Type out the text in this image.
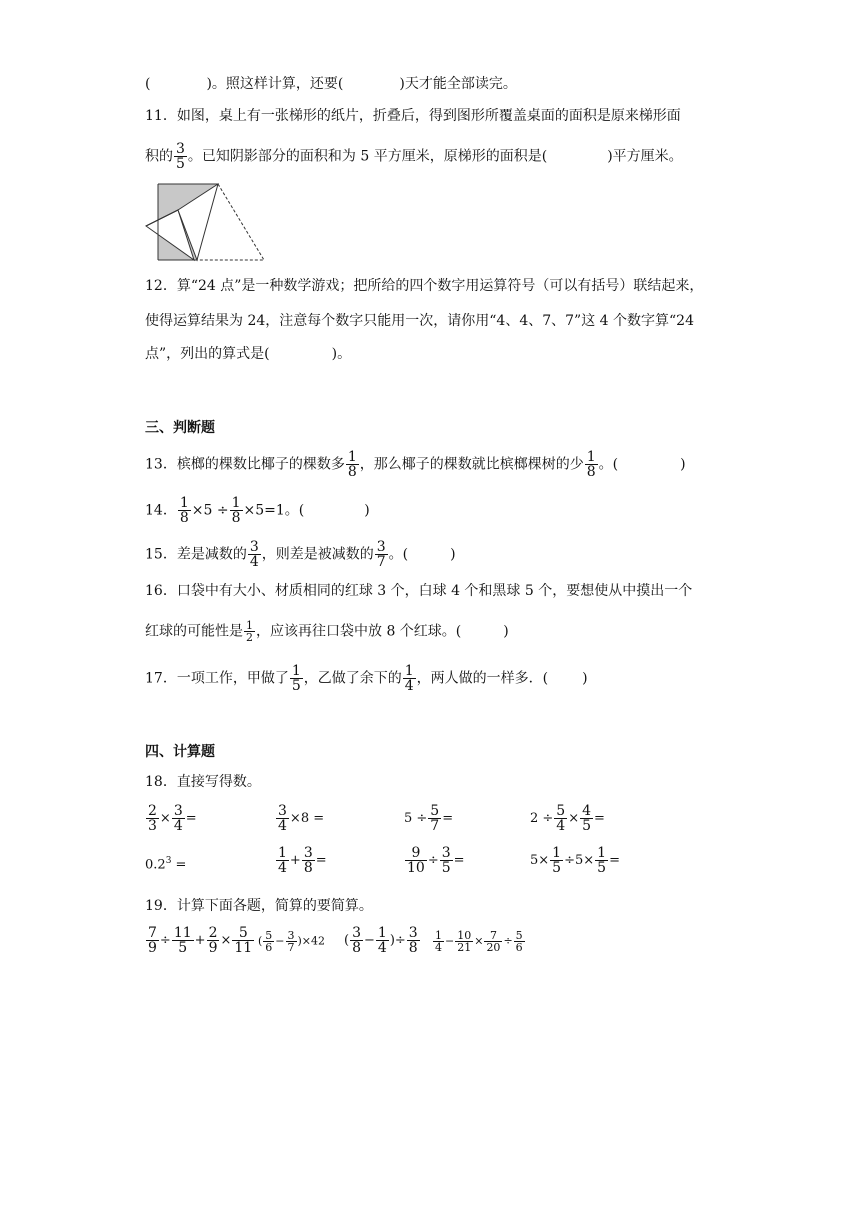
(	)。照这样计算，还要(	)天才能全部读完。
11．如图，桌上有一张梯形的纸片，折叠后，得到图形所覆盖桌面的面积是原来梯形面
积的 $\frac{3}{5}$ 。已知阴影部分的面积和为 5 平方厘米，原梯形的面积是(	)平方厘米。
12．算“24 点”是一种数学游戏；把所给的四个数字用运算符号（可以有括号）联结起来，
使得运算结果为 24，注意每个数字只能用一次，请你用“4、4、7、7”这 4 个数字算“24
点”，列出的算式是(	)。
三、判断题
13．槟榔的棵数比椰子的棵数多 $\frac{1}{8}$ ，那么椰子的棵数就比槟榔棵树的少 $\frac{1}{8}$ 。(	)
14． $\frac{1}{8} \times 5 \div \frac{1}{8} \times 5=1$。(	)
15．差是减数的 $\frac{3}{4}$ ，则差是被减数的 $\frac{3}{7}$ 。(	)
16．口袋中有大小、材质相同的红球 3 个，白球 4 个和黑球 5 个，要想使从中摸出一个
红球的可能性是 $\frac{1}{2}$ ，应该再往口袋中放 8 个红球。(	)
17．一项工作，甲做了 $\frac{1}{5}$ ，乙做了余下的 $\frac{1}{4}$ ，两人做的一样多．( )
四、计算题
18．直接写得数。
$\frac{2}{3} \times \frac{3}{4}$ =	$\frac{3}{4} \times 8$ =	$5 \div \frac{5}{7}$ =	$2 \div \frac{5}{4} \times \frac{4}{5}$ =
$0.2^3$ =	$\frac{1}{4} + \frac{3}{8}$ =	$\frac{9}{10} \div \frac{3}{5}$ =	$5\times \frac{1}{5} \div 5\times \frac{1}{5}$ =
19．计算下面各题，简算的要简算。
$\frac{7}{9} \div \frac{11}{5} + \frac{2}{9} \times \frac{5}{11}$ ( $\frac{5}{6} - \frac{3}{7} )\times 42$ ( $\frac{3}{8} - \frac{1}{4}$ )÷ $\frac{3}{8} \frac{1}{4} - \frac{10}{21} \times \frac{7}{20} \div \frac{5}{6}$
